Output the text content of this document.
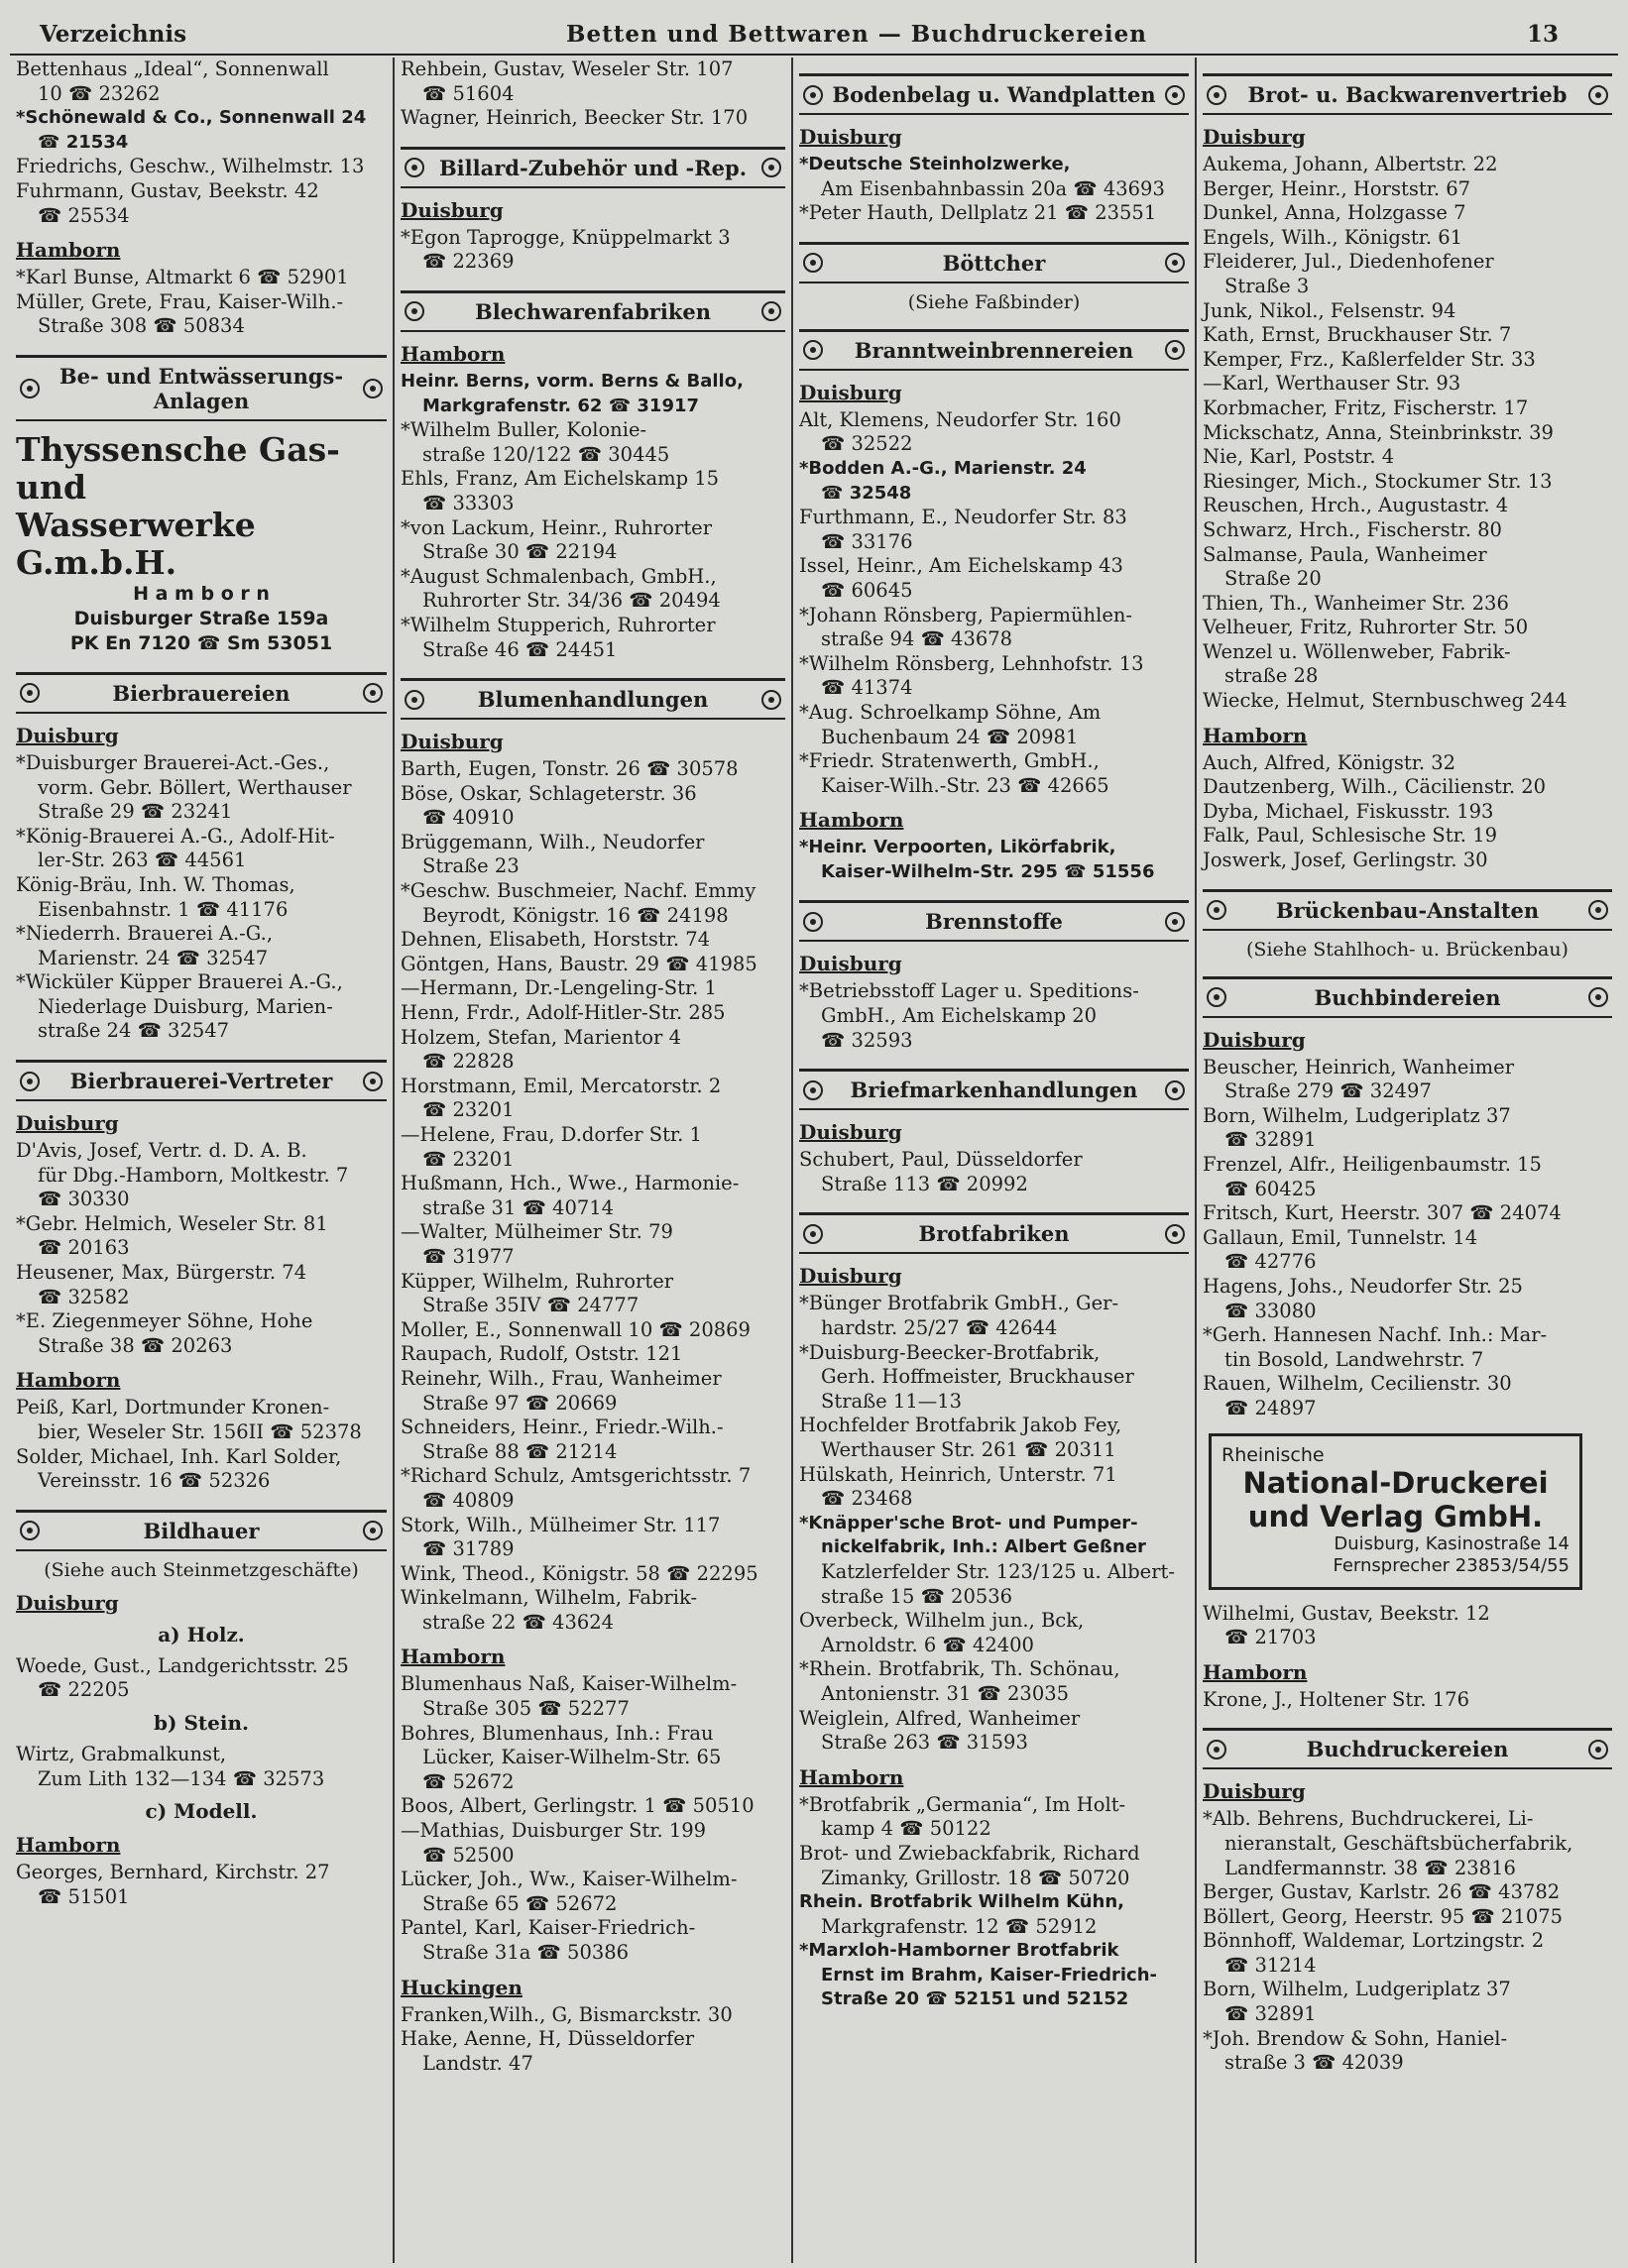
Verzeichnis	Betten und Bettwaren — Buchdruckereien	13
Bettenhaus „Ideal“, Sonnenwall
10 ☎ 23262
*Schönewald & Co., Sonnenwall 24
☎ 21534
Friedrichs, Geschw., Wilhelmstr. 13
Fuhrmann, Gustav, Beekstr. 42
☎ 25534
Hamborn
*Karl Bunse, Altmarkt 6 ☎ 52901
Müller, Grete, Frau, Kaiser-Wilh.-
Straße 308 ☎ 50834
Be- und Entwässerungs-
Anlagen
Thyssensche Gas- und
Wasserwerke G.m.b.H.
H a m b o r n
Duisburger Straße 159a
PK En 7120 ☎ Sm 53051
Bierbrauereien
Duisburg
*Duisburger Brauerei-Act.-Ges.,
vorm. Gebr. Böllert, Werthauser
Straße 29 ☎ 23241
*König-Brauerei A.-G., Adolf-Hit-
ler-Str. 263 ☎ 44561
König-Bräu, Inh. W. Thomas,
Eisenbahnstr. 1 ☎ 41176
*Niederrh. Brauerei A.-G.,
Marienstr. 24 ☎ 32547
*Wicküler Küpper Brauerei A.-G.,
Niederlage Duisburg, Marien-
straße 24 ☎ 32547
Bierbrauerei-Vertreter
Duisburg
D'Avis, Josef, Vertr. d. D. A. B.
für Dbg.-Hamborn, Moltkestr. 7
☎ 30330
*Gebr. Helmich, Weseler Str. 81
☎ 20163
Heusener, Max, Bürgerstr. 74
☎ 32582
*E. Ziegenmeyer Söhne, Hohe
Straße 38 ☎ 20263
Hamborn
Peiß, Karl, Dortmunder Kronen-
bier, Weseler Str. 156II ☎ 52378
Solder, Michael, Inh. Karl Solder,
Vereinsstr. 16 ☎ 52326
Bildhauer
(Siehe auch Steinmetzgeschäfte)
Duisburg
a) Holz.
Woede, Gust., Landgerichtsstr. 25
☎ 22205
b) Stein.
Wirtz, Grabmalkunst,
Zum Lith 132—134 ☎ 32573
c) Modell.
Hamborn
Georges, Bernhard, Kirchstr. 27
☎ 51501
Rehbein, Gustav, Weseler Str. 107
☎ 51604
Wagner, Heinrich, Beecker Str. 170
Billard-Zubehör und -Rep.
Duisburg
*Egon Taprogge, Knüppelmarkt 3
☎ 22369
Blechwarenfabriken
Hamborn
Heinr. Berns, vorm. Berns & Ballo,
Markgrafenstr. 62 ☎ 31917
*Wilhelm Buller, Kolonie-
straße 120/122 ☎ 30445
Ehls, Franz, Am Eichelskamp 15
☎ 33303
*von Lackum, Heinr., Ruhrorter
Straße 30 ☎ 22194
*August Schmalenbach, GmbH.,
Ruhrorter Str. 34/36 ☎ 20494
*Wilhelm Stupperich, Ruhrorter
Straße 46 ☎ 24451
Blumenhandlungen
Duisburg
Barth, Eugen, Tonstr. 26 ☎ 30578
Böse, Oskar, Schlageterstr. 36
☎ 40910
Brüggemann, Wilh., Neudorfer
Straße 23
*Geschw. Buschmeier, Nachf. Emmy
Beyrodt, Königstr. 16 ☎ 24198
Dehnen, Elisabeth, Horststr. 74
Göntgen, Hans, Baustr. 29 ☎ 41985
—Hermann, Dr.-Lengeling-Str. 1
Henn, Frdr., Adolf-Hitler-Str. 285
Holzem, Stefan, Marientor 4
☎ 22828
Horstmann, Emil, Mercatorstr. 2
☎ 23201
—Helene, Frau, D.dorfer Str. 1
☎ 23201
Hußmann, Hch., Wwe., Harmonie-
straße 31 ☎ 40714
—Walter, Mülheimer Str. 79
☎ 31977
Küpper, Wilhelm, Ruhrorter
Straße 35IV ☎ 24777
Moller, E., Sonnenwall 10 ☎ 20869
Raupach, Rudolf, Oststr. 121
Reinehr, Wilh., Frau, Wanheimer
Straße 97 ☎ 20669
Schneiders, Heinr., Friedr.-Wilh.-
Straße 88 ☎ 21214
*Richard Schulz, Amtsgerichtsstr. 7
☎ 40809
Stork, Wilh., Mülheimer Str. 117
☎ 31789
Wink, Theod., Königstr. 58 ☎ 22295
Winkelmann, Wilhelm, Fabrik-
straße 22 ☎ 43624
Hamborn
Blumenhaus Naß, Kaiser-Wilhelm-
Straße 305 ☎ 52277
Bohres, Blumenhaus, Inh.: Frau
Lücker, Kaiser-Wilhelm-Str. 65
☎ 52672
Boos, Albert, Gerlingstr. 1 ☎ 50510
—Mathias, Duisburger Str. 199
☎ 52500
Lücker, Joh., Ww., Kaiser-Wilhelm-
Straße 65 ☎ 52672
Pantel, Karl, Kaiser-Friedrich-
Straße 31a ☎ 50386
Huckingen
Franken,Wilh., G, Bismarckstr. 30
Hake, Aenne, H, Düsseldorfer
Landstr. 47
Bodenbelag u. Wandplatten
Duisburg
*Deutsche Steinholzwerke,
Am Eisenbahnbassin 20a ☎ 43693
*Peter Hauth, Dellplatz 21 ☎ 23551
Böttcher
(Siehe Faßbinder)
Branntweinbrennereien
Duisburg
Alt, Klemens, Neudorfer Str. 160
☎ 32522
*Bodden A.-G., Marienstr. 24
☎ 32548
Furthmann, E., Neudorfer Str. 83
☎ 33176
Issel, Heinr., Am Eichelskamp 43
☎ 60645
*Johann Rönsberg, Papiermühlen-
straße 94 ☎ 43678
*Wilhelm Rönsberg, Lehnhofstr. 13
☎ 41374
*Aug. Schroelkamp Söhne, Am
Buchenbaum 24 ☎ 20981
*Friedr. Stratenwerth, GmbH.,
Kaiser-Wilh.-Str. 23 ☎ 42665
Hamborn
*Heinr. Verpoorten, Likörfabrik,
Kaiser-Wilhelm-Str. 295 ☎ 51556
Brennstoffe
Duisburg
*Betriebsstoff Lager u. Speditions-
GmbH., Am Eichelskamp 20
☎ 32593
Briefmarkenhandlungen
Duisburg
Schubert, Paul, Düsseldorfer
Straße 113 ☎ 20992
Brotfabriken
Duisburg
*Bünger Brotfabrik GmbH., Ger-
hardstr. 25/27 ☎ 42644
*Duisburg-Beecker-Brotfabrik,
Gerh. Hoffmeister, Bruckhauser
Straße 11—13
Hochfelder Brotfabrik Jakob Fey,
Werthauser Str. 261 ☎ 20311
Hülskath, Heinrich, Unterstr. 71
☎ 23468
*Knäpper'sche Brot- und Pumper-
nickelfabrik, Inh.: Albert Geßner
Katzlerfelder Str. 123/125 u. Albert-
straße 15 ☎ 20536
Overbeck, Wilhelm jun., Bck,
Arnoldstr. 6 ☎ 42400
*Rhein. Brotfabrik, Th. Schönau,
Antonienstr. 31 ☎ 23035
Weiglein, Alfred, Wanheimer
Straße 263 ☎ 31593
Hamborn
*Brotfabrik „Germania“, Im Holt-
kamp 4 ☎ 50122
Brot- und Zwiebackfabrik, Richard
Zimanky, Grillostr. 18 ☎ 50720
Rhein. Brotfabrik Wilhelm Kühn,
Markgrafenstr. 12 ☎ 52912
*Marxloh-Hamborner Brotfabrik
Ernst im Brahm, Kaiser-Friedrich-
Straße 20 ☎ 52151 und 52152
Brot- u. Backwarenvertrieb
Duisburg
Aukema, Johann, Albertstr. 22
Berger, Heinr., Horststr. 67
Dunkel, Anna, Holzgasse 7
Engels, Wilh., Königstr. 61
Fleiderer, Jul., Diedenhofener
Straße 3
Junk, Nikol., Felsenstr. 94
Kath, Ernst, Bruckhauser Str. 7
Kemper, Frz., Kaßlerfelder Str. 33
—Karl, Werthauser Str. 93
Korbmacher, Fritz, Fischerstr. 17
Mickschatz, Anna, Steinbrinkstr. 39
Nie, Karl, Poststr. 4
Riesinger, Mich., Stockumer Str. 13
Reuschen, Hrch., Augustastr. 4
Schwarz, Hrch., Fischerstr. 80
Salmanse, Paula, Wanheimer
Straße 20
Thien, Th., Wanheimer Str. 236
Velheuer, Fritz, Ruhrorter Str. 50
Wenzel u. Wöllenweber, Fabrik-
straße 28
Wiecke, Helmut, Sternbuschweg 244
Hamborn
Auch, Alfred, Königstr. 32
Dautzenberg, Wilh., Cäcilienstr. 20
Dyba, Michael, Fiskusstr. 193
Falk, Paul, Schlesische Str. 19
Joswerk, Josef, Gerlingstr. 30
Brückenbau-Anstalten
(Siehe Stahlhoch- u. Brückenbau)
Buchbindereien
Duisburg
Beuscher, Heinrich, Wanheimer
Straße 279 ☎ 32497
Born, Wilhelm, Ludgeriplatz 37
☎ 32891
Frenzel, Alfr., Heiligenbaumstr. 15
☎ 60425
Fritsch, Kurt, Heerstr. 307 ☎ 24074
Gallaun, Emil, Tunnelstr. 14
☎ 42776
Hagens, Johs., Neudorfer Str. 25
☎ 33080
*Gerh. Hannesen Nachf. Inh.: Mar-
tin Bosold, Landwehrstr. 7
Rauen, Wilhelm, Cecilienstr. 30
☎ 24897
Rheinische
National-Druckerei
und Verlag GmbH.
Duisburg, Kasinostraße 14
Fernsprecher 23853/54/55
Wilhelmi, Gustav, Beekstr. 12
☎ 21703
Hamborn
Krone, J., Holtener Str. 176
Buchdruckereien
Duisburg
*Alb. Behrens, Buchdruckerei, Li-
nieranstalt, Geschäftsbücherfabrik,
Landfermannstr. 38 ☎ 23816
Berger, Gustav, Karlstr. 26 ☎ 43782
Böllert, Georg, Heerstr. 95 ☎ 21075
Bönnhoff, Waldemar, Lortzingstr. 2
☎ 31214
Born, Wilhelm, Ludgeriplatz 37
☎ 32891
*Joh. Brendow & Sohn, Haniel-
straße 3 ☎ 42039
